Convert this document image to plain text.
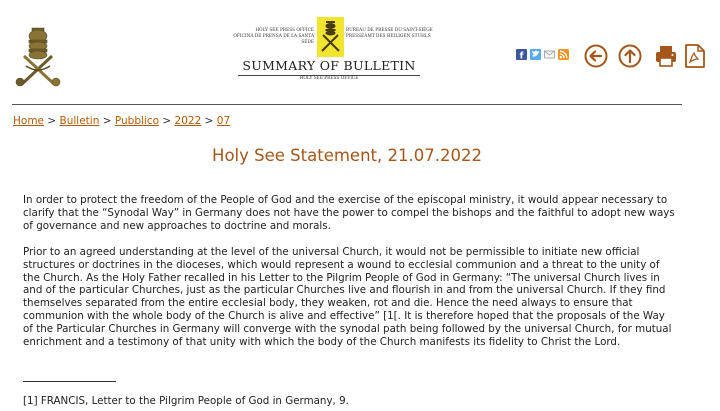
HOLY SEE PRESS OFFICE
OFICINA DE PRENSA DE LA SANTA SEDE
BUREAU DE PRESSE DU SAINT-SIÈGE
PRESSEAMT DES HEILIGEN STUHLS
SUMMARY OF BULLETIN
HOLY SEE PRESS OFFICE
f
Home > Bulletin > Pubblico > 2022 > 07
Holy See Statement, 21.07.2022

In order to protect the freedom of the People of God and the exercise of the episcopal ministry, it would appear necessary to clarify that the “Synodal Way” in Germany does not have the power to compel the bishops and the faithful to adopt new ways of governance and new approaches to doctrine and morals.

Prior to an agreed understanding at the level of the universal Church, it would not be permissible to initiate new official structures or doctrines in the dioceses, which would represent a wound to ecclesial communion and a threat to the unity of the Church. As the Holy Father recalled in his Letter to the Pilgrim People of God in Germany: “The universal Church lives in and of the particular Churches, just as the particular Churches live and flourish in and from the universal Church. If they find themselves separated from the entire ecclesial body, they weaken, rot and die. Hence the need always to ensure that communion with the whole body of the Church is alive and effective” [1[. It is therefore hoped that the proposals of the Way of the Particular Churches in Germany will converge with the synodal path being followed by the universal Church, for mutual enrichment and a testimony of that unity with which the body of the Church manifests its fidelity to Christ the Lord.

[1] FRANCIS, Letter to the Pilgrim People of God in Germany, 9.
